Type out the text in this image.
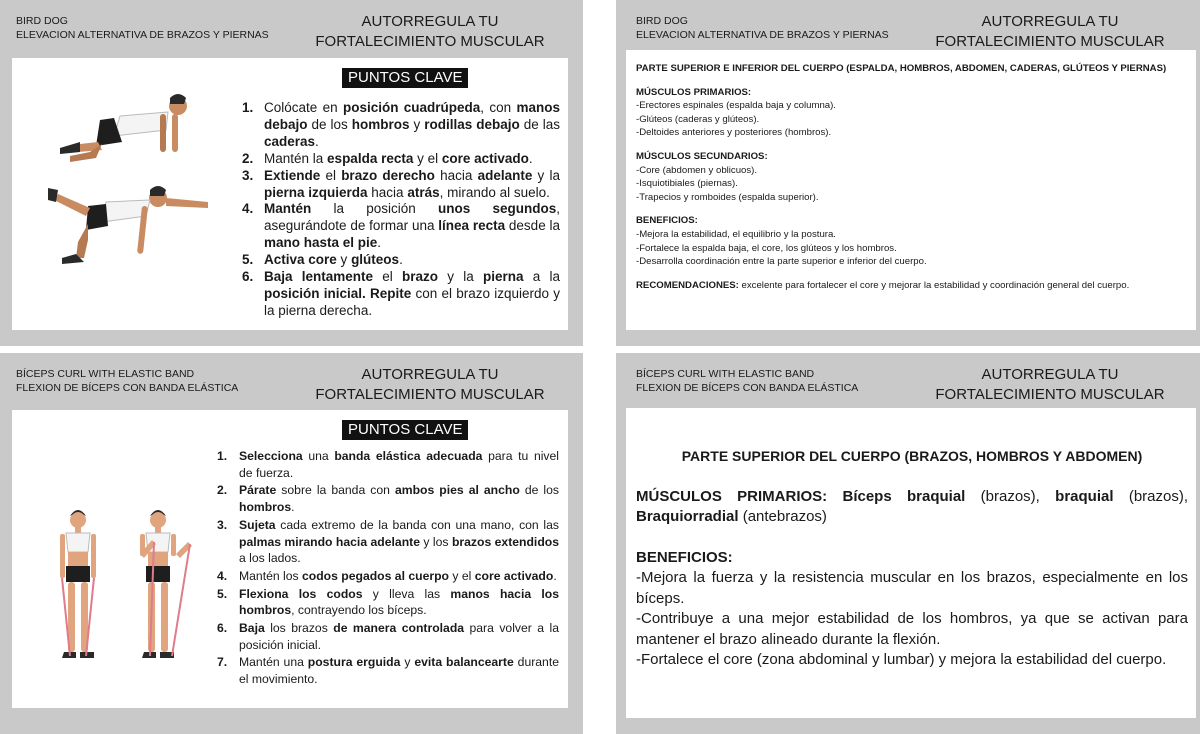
BIRD DOG
ELEVACION ALTERNATIVA DE BRAZOS Y PIERNAS
AUTORREGULA TU FORTALECIMIENTO MUSCULAR
PUNTOS CLAVE
1. Colócate en posición cuadrúpeda, con manos debajo de los hombros y rodillas debajo de las caderas.
2. Mantén la espalda recta y el core activado.
3. Extiende el brazo derecho hacia adelante y la pierna izquierda hacia atrás, mirando al suelo.
4. Mantén la posición unos segundos, asegurándote de formar una línea recta desde la mano hasta el pie.
5. Activa core y glúteos.
6. Baja lentamente el brazo y la pierna a la posición inicial. Repite con el brazo izquierdo y la pierna derecha.
BIRD DOG
ELEVACION ALTERNATIVA DE BRAZOS Y PIERNAS
AUTORREGULA TU FORTALECIMIENTO MUSCULAR

PARTE SUPERIOR E INFERIOR DEL CUERPO (ESPALDA, HOMBROS, ABDOMEN, CADERAS, GLÚTEOS Y PIERNAS)

MÚSCULOS PRIMARIOS:

-Erectores espinales (espalda baja y columna).

-Glúteos (caderas y glúteos).

-Deltoides anteriores y posteriores (hombros).

MÚSCULOS SECUNDARIOS:

-Core (abdomen y oblicuos).

-Isquiotibiales (piernas).

-Trapecios y romboides (espalda superior).

BENEFICIOS:

-Mejora la estabilidad, el equilibrio y la postura.

-Fortalece la espalda baja, el core, los glúteos y los hombros.

-Desarrolla coordinación entre la parte superior e inferior del cuerpo.

RECOMENDACIONES: excelente para fortalecer el core y mejorar la estabilidad y coordinación general del cuerpo.

BÍCEPS CURL WITH ELASTIC BAND
FLEXION DE BÍCEPS CON BANDA ELÁSTICA
AUTORREGULA TU FORTALECIMIENTO MUSCULAR
PUNTOS CLAVE
1. Selecciona una banda elástica adecuada para tu nivel de fuerza.
2. Párate sobre la banda con ambos pies al ancho de los hombros.
3. Sujeta cada extremo de la banda con una mano, con las palmas mirando hacia adelante y los brazos extendidos a los lados.
4. Mantén los codos pegados al cuerpo y el core activado.
5. Flexiona los codos y lleva las manos hacia los hombros, contrayendo los bíceps.
6. Baja los brazos de manera controlada para volver a la posición inicial.
7. Mantén una postura erguida y evita balancearte durante el movimiento.
BÍCEPS CURL WITH ELASTIC BAND
FLEXION DE BÍCEPS CON BANDA ELÁSTICA
AUTORREGULA TU FORTALECIMIENTO MUSCULAR

PARTE SUPERIOR DEL CUERPO (BRAZOS, HOMBROS Y ABDOMEN)

MÚSCULOS PRIMARIOS: Bíceps braquial (brazos), braquial (brazos), Braquiorradial (antebrazos)

BENEFICIOS:

-Mejora la fuerza y la resistencia muscular en los brazos, especialmente en los bíceps.

-Contribuye a una mejor estabilidad de los hombros, ya que se activan para mantener el brazo alineado durante la flexión.

-Fortalece el core (zona abdominal y lumbar) y mejora la estabilidad del cuerpo.
